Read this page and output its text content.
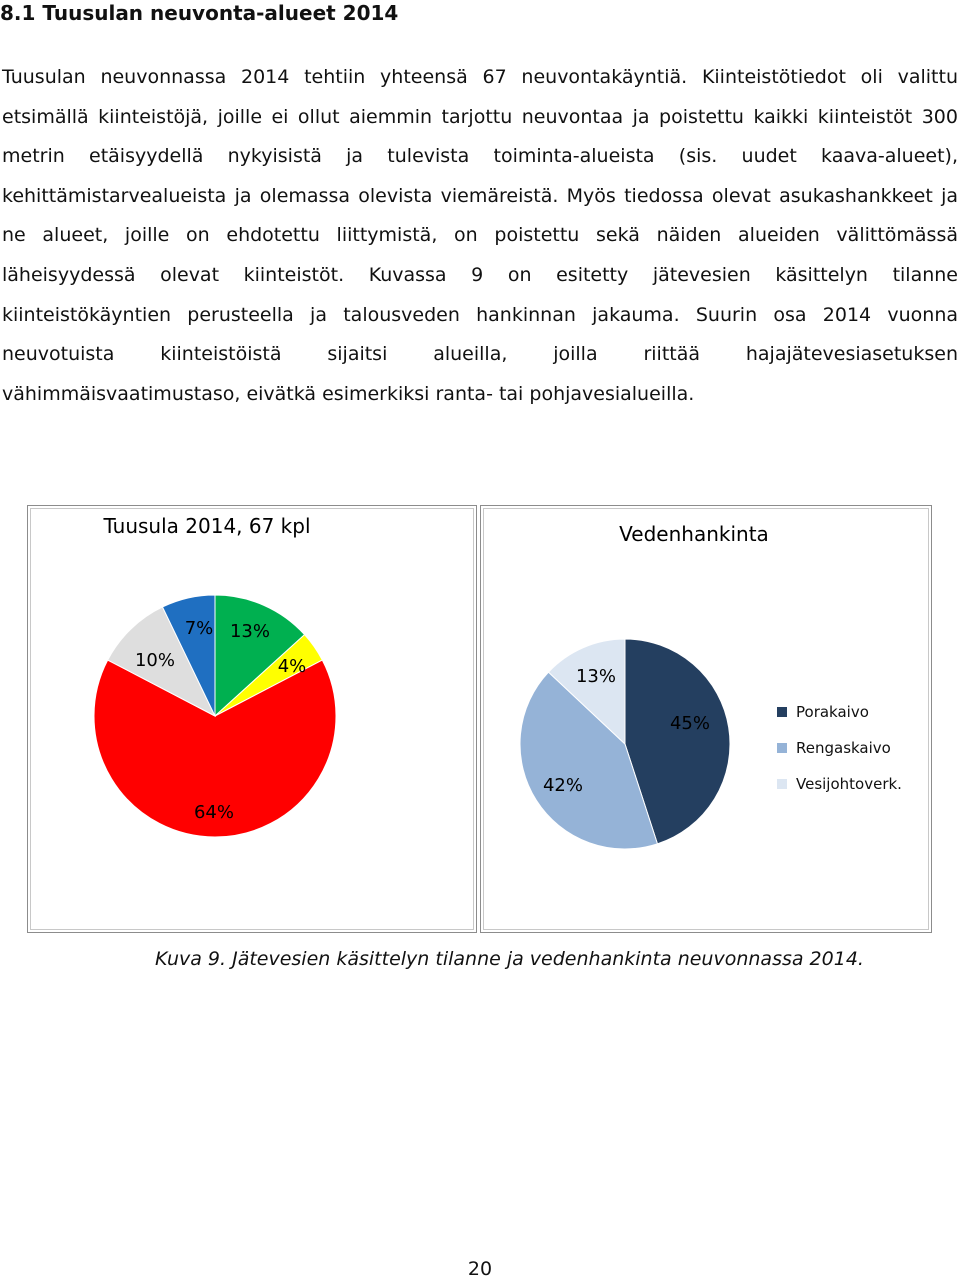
8.1 Tuusulan neuvonta-alueet 2014

Tuusulan neuvonnassa 2014 tehtiin yhteensä 67 neuvontakäyntiä. Kiinteistötiedot oli valittu etsimällä kiinteistöjä, joille ei ollut aiemmin tarjottu neuvontaa ja poistettu kaikki kiinteistöt 300 metrin etäisyydellä nykyisistä ja tulevista toiminta-alueista (sis. uudet kaava-alueet), kehittämistarvealueista ja olemassa olevista viemäreistä. Myös tiedossa olevat asukashankkeet ja ne alueet, joille on ehdotettu liittymistä, on poistettu sekä näiden alueiden välittömässä läheisyydessä olevat kiinteistöt. Kuvassa 9 on esitetty jätevesien käsittelyn tilanne kiinteistökäyntien perusteella ja talousveden hankinnan jakauma. Suurin osa 2014 vuonna neuvotuista kiinteistöistä sijaitsi alueilla, joilla riittää hajajätevesiasetuksen vähimmäisvaatimustaso, eivätkä esimerkiksi ranta- tai pohjavesialueilla.

Tuusula 2014, 67 kpl
13%
4%
64%
10%
7%
Vedenhankinta
45%
42%
13%
Porakaivo
Rengaskaivo
Vesijohtoverk.

Kuva 9. Jätevesien käsittelyn tilanne ja vedenhankinta neuvonnassa 2014.

20
